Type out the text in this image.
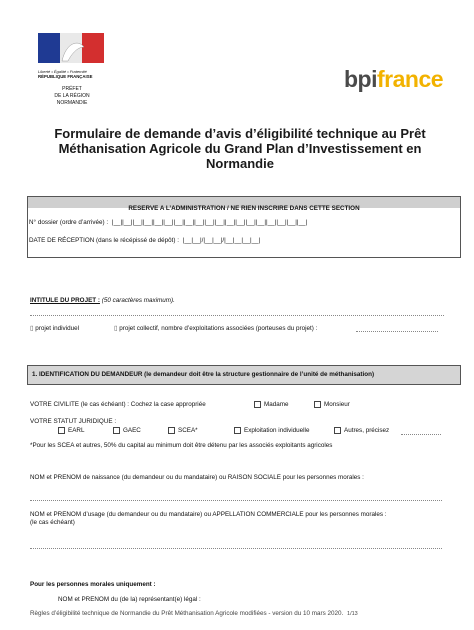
Liberté • Égalité • Fraternité
RÉPUBLIQUE FRANÇAISE
PRÉFET
DE LA RÉGION
NORMANDIE
bpifrance
Formulaire de demande d’avis d’éligibilité technique au Prêt
Méthanisation Agricole du Grand Plan d’Investissement en
Normandie
RESERVE A L’ADMINISTRATION / NE RIEN INSCRIRE DANS CETTE SECTION
N° dossier (ordre d’arrivée) : |__||__||__||__||__||__||__||__||__||__||__||__||__||__||__||__||__||__||__|
DATE DE RÉCEPTION (dans le récépissé de dépôt) : |__|__|/|__|__|/|__|__|__|__|
INTITULE DU PROJET : (50 caractères maximum).
▯ projet individuel	▯ projet collectif, nombre d’exploitations associées (porteuses du projet) :
1. IDENTIFICATION DU DEMANDEUR (le demandeur doit être la structure gestionnaire de l’unité de méthanisation)
VOTRE CIVILITE (le cas échéant) : Cochez la case appropriée	Madame	Monsieur
VOTRE STATUT JURIDIQUE :
EARL	GAEC	SCEA*	Exploitation individuelle	Autres, précisez
*Pour les SCEA et autres, 50% du capital au minimum doit être détenu par les associés exploitants agricoles
NOM et PRENOM de naissance (du demandeur ou du mandataire) ou RAISON SOCIALE pour les personnes morales :
NOM et PRENOM d’usage (du demandeur ou du mandataire) ou APPELLATION COMMERCIALE pour les personnes morales :
(le cas échéant)
Pour les personnes morales uniquement :
NOM et PRENOM du (de la) représentant(e) légal :
Règles d’éligibilité technique de Normandie du Prêt Méthanisation Agricole modifiées - version du 10 mars 2020. 1/13
